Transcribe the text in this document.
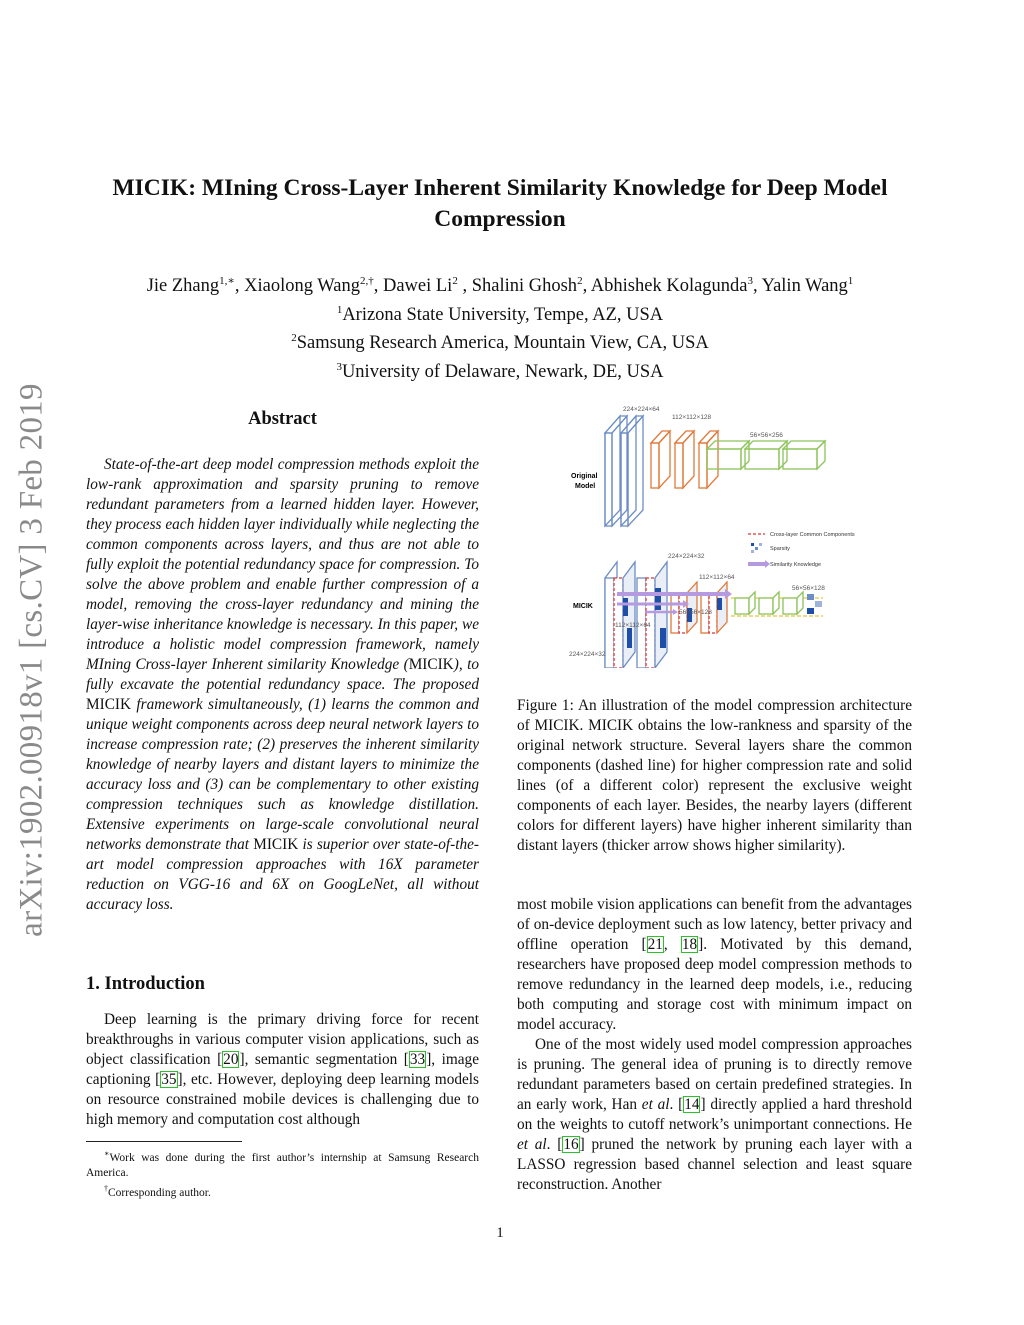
arXiv:1902.00918v1 [cs.CV] 3 Feb 2019
MICIK: MIning Cross-Layer Inherent Similarity Knowledge for Deep Model Compression
Jie Zhang$^{1,∗}$, Xiaolong Wang$^{2,\dagger}$, Dawei Li$^2$ , Shalini Ghosh$^2$, Abhishek Kolagunda$^3$, Yalin Wang$^1$
$^1$Arizona State University, Tempe, AZ, USA
$^2$Samsung Research America, Mountain View, CA, USA
$^3$University of Delaware, Newark, DE, USA
Abstract

State-of-the-art deep model compression methods exploit the low-rank approximation and sparsity pruning to remove redundant parameters from a learned hidden layer. However, they process each hidden layer individually while neglecting the common components across layers, and thus are not able to fully exploit the potential redundancy space for compression. To solve the above problem and enable further compression of a model, removing the cross-layer redundancy and mining the layer-wise inheritance knowledge is necessary. In this paper, we introduce a holistic model compression framework, namely MIning Cross-layer Inherent similarity Knowledge (MICIK), to fully excavate the potential redundancy space. The proposed MICIK framework simultaneously, (1) learns the common and unique weight components across deep neural network layers to increase compression rate; (2) preserves the inherent similarity knowledge of nearby layers and distant layers to minimize the accuracy loss and (3) can be complementary to other existing compression techniques such as knowledge distillation. Extensive experiments on large-scale convolutional neural networks demonstrate that MICIK is superior over state-of-the-art model compression approaches with 16X parameter reduction on VGG-16 and 6X on GoogLeNet, all without accuracy loss.

1. Introduction

Deep learning is the primary driving force for recent breakthroughs in various computer vision applications, such as object classification [20], semantic segmentation [33], image captioning [35], etc. However, deploying deep learning models on resource constrained mobile devices is challenging due to high memory and computation cost although

∗Work was done during the first author’s internship at Samsung Research America.
†Corresponding author.
Original
Model
224×224×64
112×112×128
56×56×256
Cross-layer Common Components
Sparsity
Similarity Knowledge
MICIK
224×224×32
112×112×64
56×56×128
56×56×128
112×112×64
224×224×32

Figure 1: An illustration of the model compression architecture of MICIK. MICIK obtains the low-rankness and sparsity of the original network structure. Several layers share the common components (dashed line) for higher compression rate and solid lines (of a different color) represent the exclusive weight components of each layer. Besides, the nearby layers (different colors for different layers) have higher inherent similarity than distant layers (thicker arrow shows higher similarity).

most mobile vision applications can benefit from the advantages of on-device deployment such as low latency, better privacy and offline operation [21, 18]. Motivated by this demand, researchers have proposed deep model compression methods to remove redundancy in the learned deep models, i.e., reducing both computing and storage cost with minimum impact on model accuracy.

One of the most widely used model compression approaches is pruning. The general idea of pruning is to directly remove redundant parameters based on certain predefined strategies. In an early work, Han et al. [14] directly applied a hard threshold on the weights to cutoff network’s unimportant connections. He et al. [16] pruned the network by pruning each layer with a LASSO regression based channel selection and least square reconstruction. Another

1
